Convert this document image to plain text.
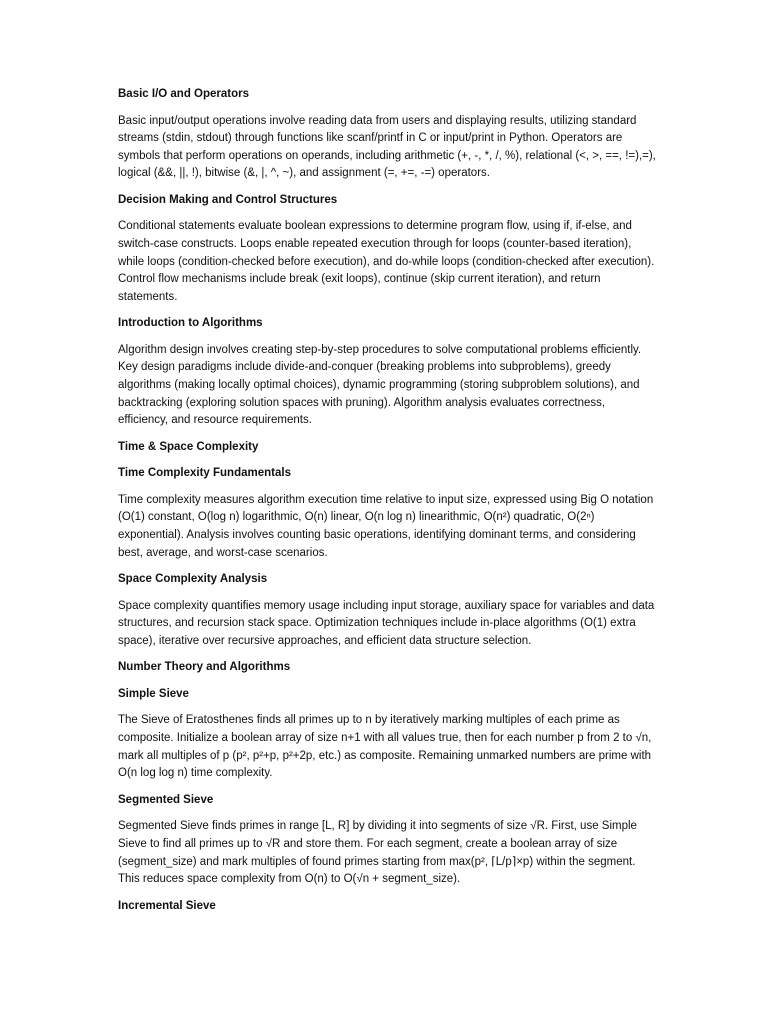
Basic I/O and Operators

Basic input/output operations involve reading data from users and displaying results, utilizing standard streams (stdin, stdout) through functions like scanf/printf in C or input/print in Python. Operators are symbols that perform operations on operands, including arithmetic (+, -, *, /, %), relational (<, >, ==, !=),=), logical (&&, ||, !), bitwise (&, |, ^, ~), and assignment (=, +=, -=) operators.

Decision Making and Control Structures

Conditional statements evaluate boolean expressions to determine program flow, using if, if-else, and switch-case constructs. Loops enable repeated execution through for loops (counter-based iteration), while loops (condition-checked before execution), and do-while loops (condition-checked after execution). Control flow mechanisms include break (exit loops), continue (skip current iteration), and return statements.

Introduction to Algorithms

Algorithm design involves creating step-by-step procedures to solve computational problems efficiently. Key design paradigms include divide-and-conquer (breaking problems into subproblems), greedy algorithms (making locally optimal choices), dynamic programming (storing subproblem solutions), and backtracking (exploring solution spaces with pruning). Algorithm analysis evaluates correctness, efficiency, and resource requirements.

Time & Space Complexity
Time Complexity Fundamentals

Time complexity measures algorithm execution time relative to input size, expressed using Big O notation (O(1) constant, O(log n) logarithmic, O(n) linear, O(n log n) linearithmic, O(n²) quadratic, O(2ⁿ) exponential). Analysis involves counting basic operations, identifying dominant terms, and considering best, average, and worst-case scenarios.

Space Complexity Analysis

Space complexity quantifies memory usage including input storage, auxiliary space for variables and data structures, and recursion stack space. Optimization techniques include in-place algorithms (O(1) extra space), iterative over recursive approaches, and efficient data structure selection.

Number Theory and Algorithms
Simple Sieve

The Sieve of Eratosthenes finds all primes up to n by iteratively marking multiples of each prime as composite. Initialize a boolean array of size n+1 with all values true, then for each number p from 2 to √n, mark all multiples of p (p², p²+p, p²+2p, etc.) as composite. Remaining unmarked numbers are prime with O(n log log n) time complexity.

Segmented Sieve

Segmented Sieve finds primes in range [L, R] by dividing it into segments of size √R. First, use Simple Sieve to find all primes up to √R and store them. For each segment, create a boolean array of size (segment_size) and mark multiples of found primes starting from max(p², ⌈L/p⌉×p) within the segment. This reduces space complexity from O(n) to O(√n + segment_size).

Incremental Sieve
